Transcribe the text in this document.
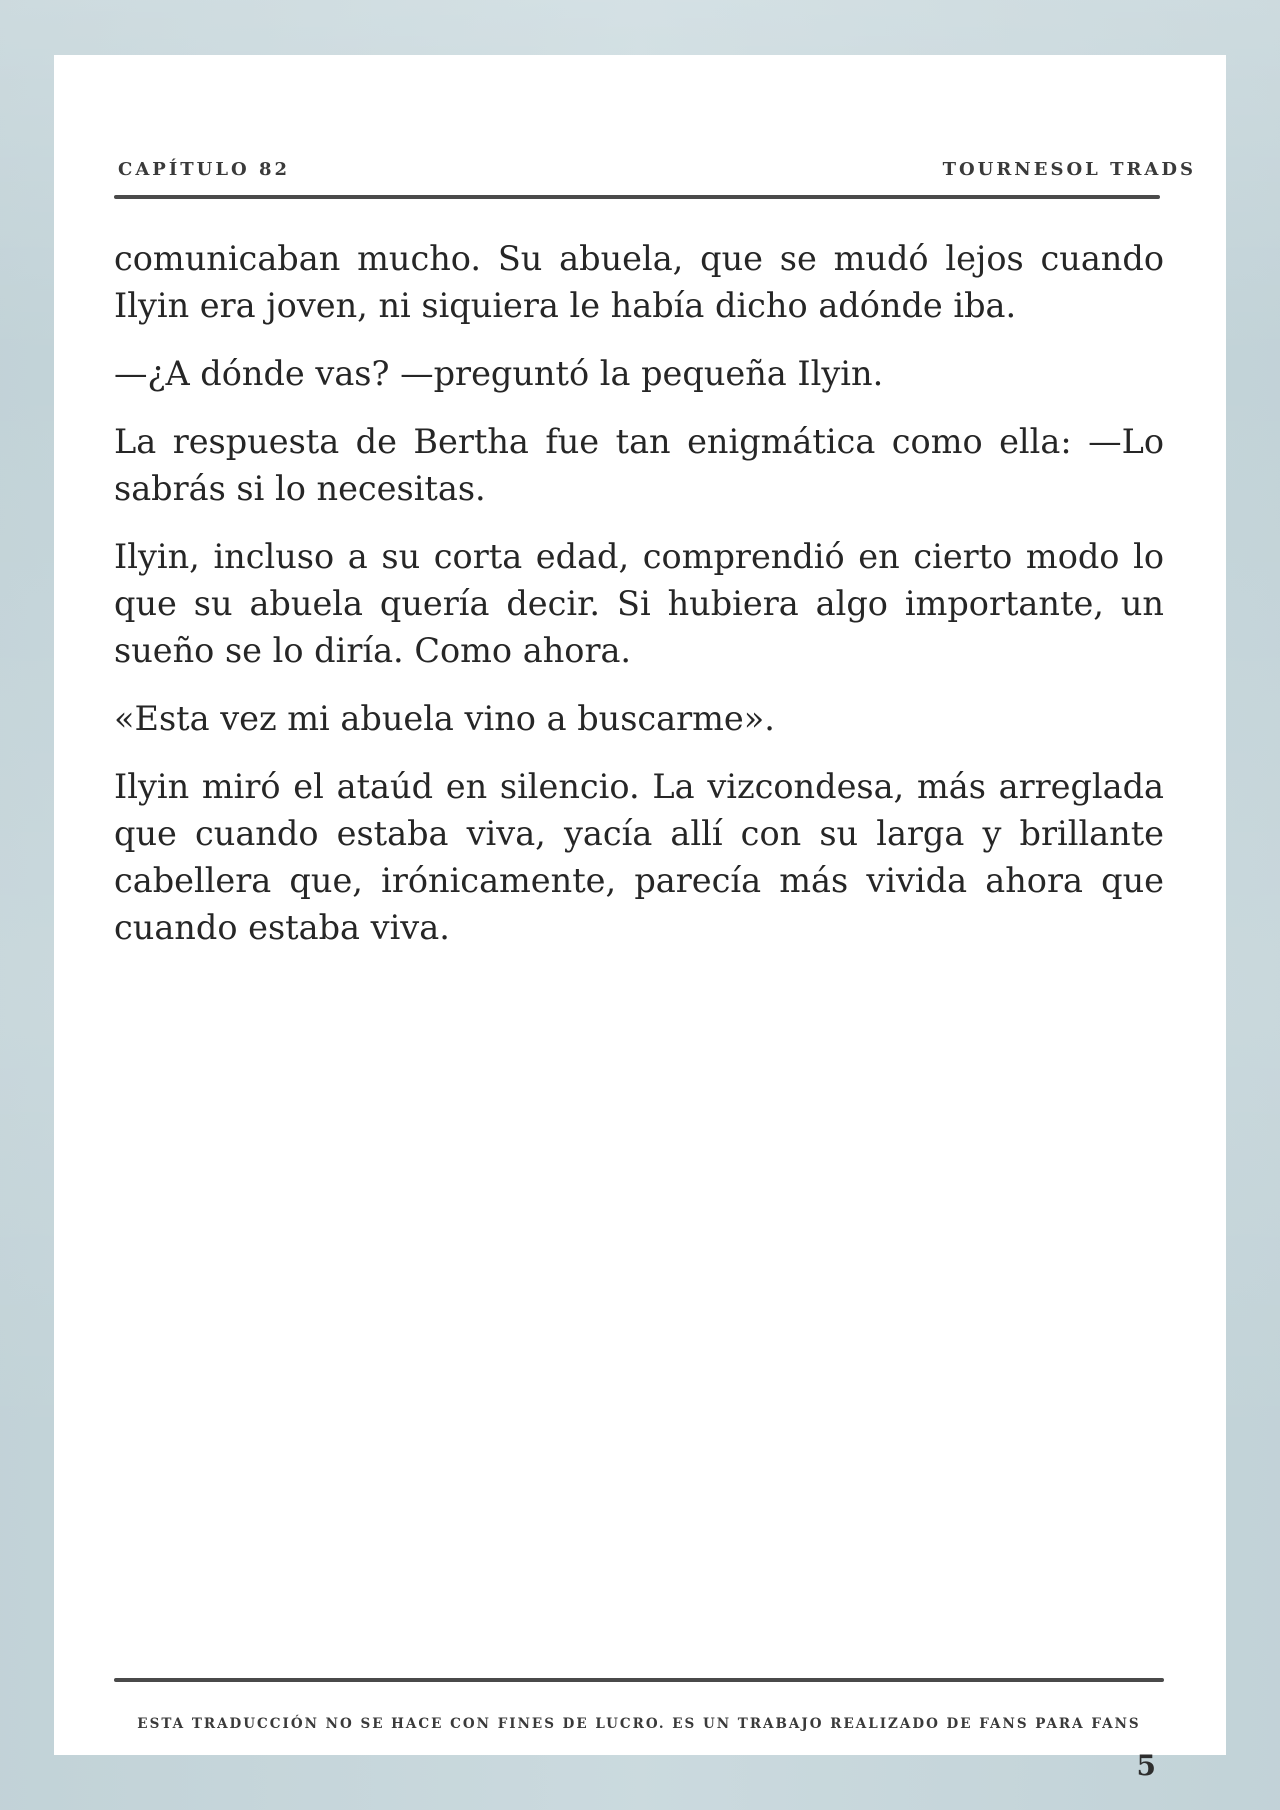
CAPÍTULO 82	TOURNESOL TRADS

comunicaban mucho. Su abuela, que se mudó lejos cuando Ilyin era joven, ni siquiera le había dicho adónde iba.

—¿A dónde vas? —preguntó la pequeña Ilyin.

La respuesta de Bertha fue tan enigmática como ella: —Lo sabrás si lo necesitas.

Ilyin, incluso a su corta edad, comprendió en cierto modo lo que su abuela quería decir. Si hubiera algo importante, un sueño se lo diría. Como ahora.

«Esta vez mi abuela vino a buscarme».

Ilyin miró el ataúd en silencio. La vizcondesa, más arreglada que cuando estaba viva, yacía allí con su larga y brillante cabellera que, irónicamente, parecía más vivida ahora que cuando estaba viva.

ESTA TRADUCCIÓN NO SE HACE CON FINES DE LUCRO. ES UN TRABAJO REALIZADO DE FANS PARA FANS
5
